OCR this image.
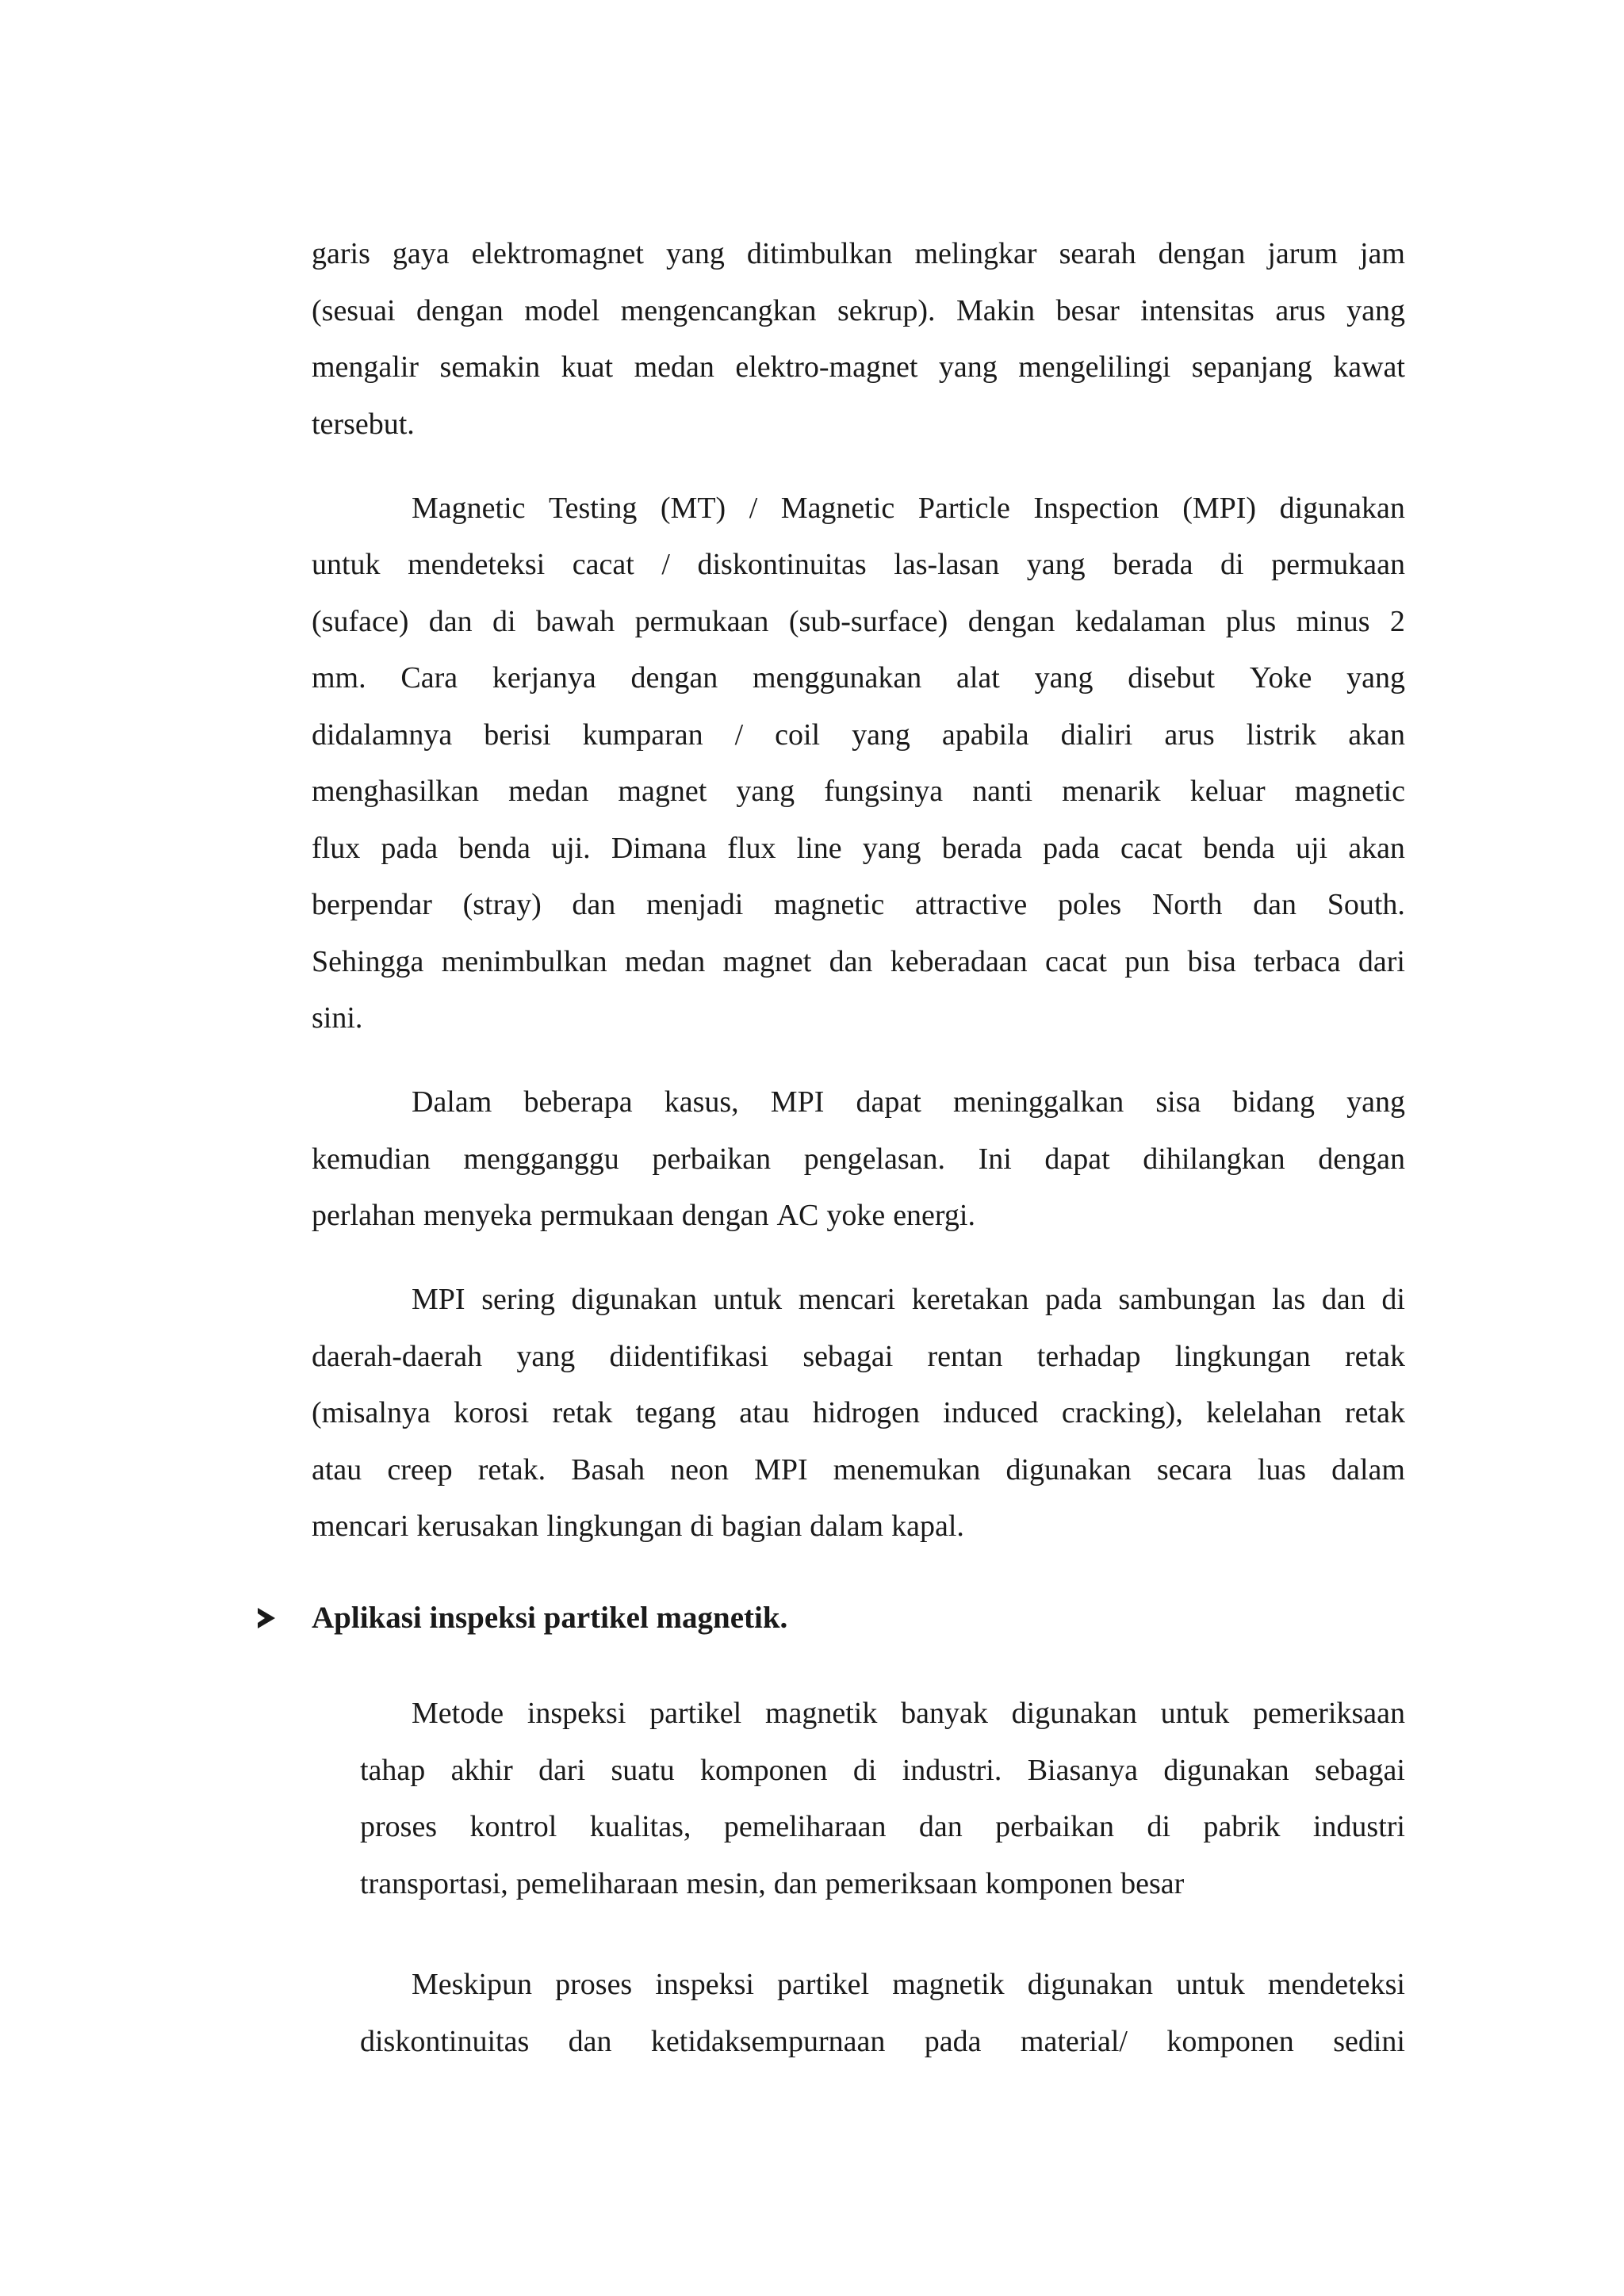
garis gaya elektromagnet yang ditimbulkan melingkar searah dengan jarum jam
(sesuai dengan model mengencangkan sekrup). Makin besar intensitas arus yang
mengalir semakin kuat medan elektro-magnet yang mengelilingi sepanjang kawat
tersebut.
Magnetic Testing (MT) / Magnetic Particle Inspection (MPI) digunakan
untuk mendeteksi cacat / diskontinuitas las-lasan yang berada di permukaan
(suface) dan di bawah permukaan (sub-surface) dengan kedalaman plus minus 2
mm. Cara kerjanya dengan menggunakan alat yang disebut Yoke yang
didalamnya berisi kumparan / coil yang apabila dialiri arus listrik akan
menghasilkan medan magnet yang fungsinya nanti menarik keluar magnetic
flux pada benda uji. Dimana flux line yang berada pada cacat benda uji akan
berpendar (stray) dan menjadi magnetic attractive poles North dan South.
Sehingga menimbulkan medan magnet dan keberadaan cacat pun bisa terbaca dari
sini.
Dalam beberapa kasus, MPI dapat meninggalkan sisa bidang yang
kemudian mengganggu perbaikan pengelasan. Ini dapat dihilangkan dengan
perlahan menyeka permukaan dengan AC yoke energi.
MPI sering digunakan untuk mencari keretakan pada sambungan las dan di
daerah-daerah yang diidentifikasi sebagai rentan terhadap lingkungan retak
(misalnya korosi retak tegang atau hidrogen induced cracking), kelelahan retak
atau creep retak. Basah neon MPI menemukan digunakan secara luas dalam
mencari kerusakan lingkungan di bagian dalam kapal.
Aplikasi inspeksi partikel magnetik.
Metode inspeksi partikel magnetik banyak digunakan untuk pemeriksaan
tahap akhir dari suatu komponen di industri. Biasanya digunakan sebagai
proses kontrol kualitas, pemeliharaan dan perbaikan di pabrik industri
transportasi, pemeliharaan mesin, dan pemeriksaan komponen besar
Meskipun proses inspeksi partikel magnetik digunakan untuk mendeteksi
diskontinuitas dan ketidaksempurnaan pada material/ komponen sedini
